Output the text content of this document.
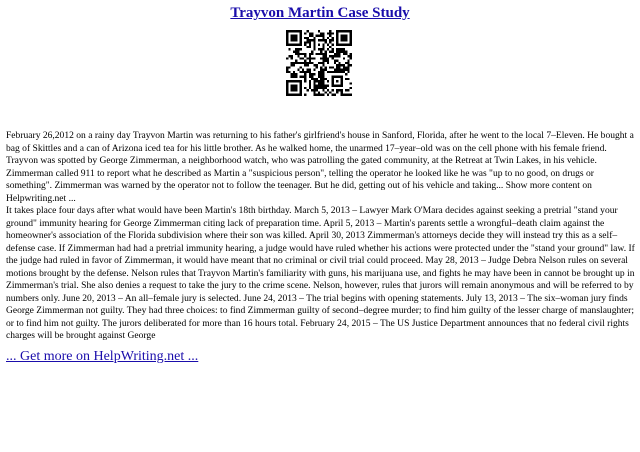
Trayvon Martin Case Study

February 26,2012 on a rainy day Trayvon Martin was returning to his father's girlfriend's house in Sanford, Florida, after he went to the local 7–Eleven. He bought a bag of Skittles and a can of Arizona iced tea for his little brother. As he walked home, the unarmed 17–year–old was on the cell phone with his female friend. Trayvon was spotted by George Zimmerman, a neighborhood watch, who was patrolling the gated community, at the Retreat at Twin Lakes, in his vehicle. Zimmerman called 911 to report what he described as Martin a "suspicious person", telling the operator he looked like he was "up to no good, on drugs or something". Zimmerman was warned by the operator not to follow the teenager. But he did, getting out of his vehicle and taking... Show more content on Helpwriting.net ...
It takes place four days after what would have been Martin's 18th birthday. March 5, 2013 – Lawyer Mark O'Mara decides against seeking a pretrial "stand your ground" immunity hearing for George Zimmerman citing lack of preparation time. April 5, 2013 – Martin's parents settle a wrongful–death claim against the homeowner's association of the Florida subdivision where their son was killed. April 30, 2013 Zimmerman's attorneys decide they will instead try this as a self–defense case. If Zimmerman had had a pretrial immunity hearing, a judge would have ruled whether his actions were protected under the "stand your ground" law. If the judge had ruled in favor of Zimmerman, it would have meant that no criminal or civil trial could proceed. May 28, 2013 – Judge Debra Nelson rules on several motions brought by the defense. Nelson rules that Trayvon Martin's familiarity with guns, his marijuana use, and fights he may have been in cannot be brought up in Zimmerman's trial. She also denies a request to take the jury to the crime scene. Nelson, however, rules that jurors will remain anonymous and will be referred to by numbers only. June 20, 2013 – An all–female jury is selected. June 24, 2013 – The trial begins with opening statements. July 13, 2013 – The six–woman jury finds George Zimmerman not guilty. They had three choices: to find Zimmerman guilty of second–degree murder; to find him guilty of the lesser charge of manslaughter; or to find him not guilty. The jurors deliberated for more than 16 hours total. February 24, 2015 – The US Justice Department announces that no federal civil rights charges will be brought against George

... Get more on HelpWriting.net ...
